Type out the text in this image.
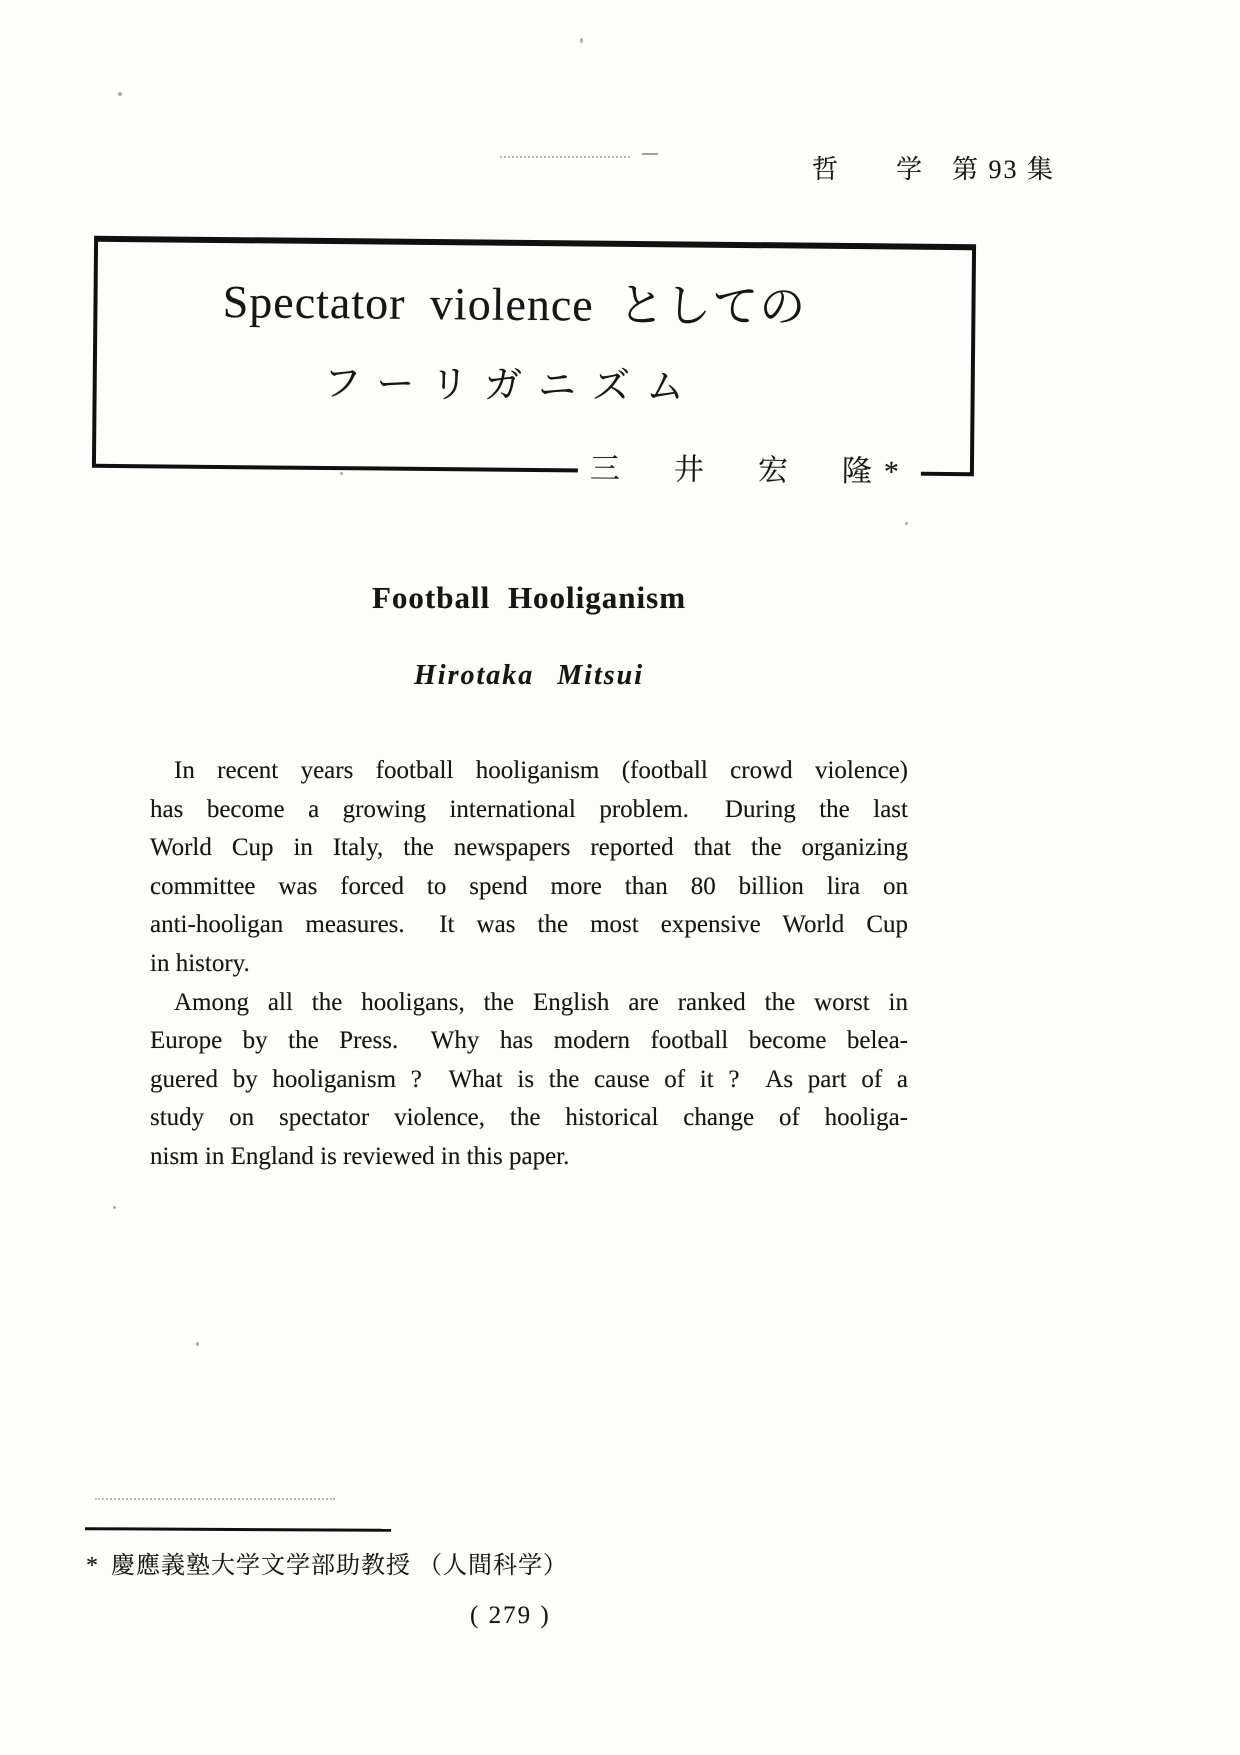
哲　　学　第 93 集
Spectator violence としての
フーリガニズム
三　井　宏　隆*
Football Hooliganism
Hirotaka Mitsui
In recent years football hooliganism (football crowd violence)
has become a growing international problem.  During the last
World Cup in Italy, the newspapers reported that the organizing
committee was forced to spend more than 80 billion lira on
anti-hooligan measures.  It was the most expensive World Cup
in history.
Among all the hooligans, the English are ranked the worst in
Europe by the Press.  Why has modern football become belea-
guered by hooliganism ?  What is the cause of it ?  As part of a
study on spectator violence, the historical change of hooliga-
nism in England is reviewed in this paper.
* 慶應義塾大学文学部助教授 （人間科学）
( 279 )
